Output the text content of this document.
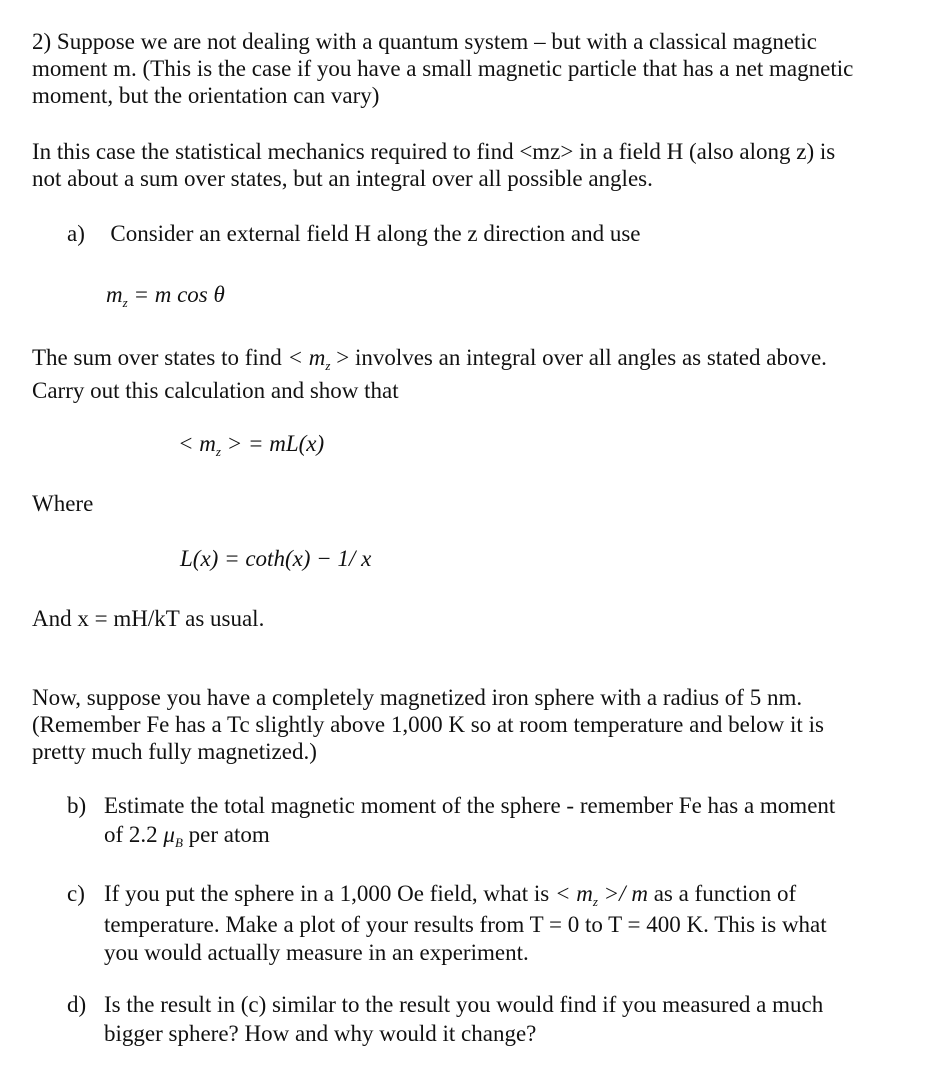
2) Suppose we are not dealing with a quantum system – but with a classical magnetic
moment m. (This is the case if you have a small magnetic particle that has a net magnetic
moment, but the orientation can vary)
In this case the statistical mechanics required to find <mz> in a field H (also along z) is
not about a sum over states, but an integral over all possible angles.
a) Consider an external field H along the z direction and use
$m_z = m$ cos θ
The sum over states to find < $m_z$ > involves an integral over all angles as stated above.
Carry out this calculation and show that
< $m_z$ > = mL(x)
Where
L(x) = coth(x) − 1/ x
And x = mH/kT as usual.
Now, suppose you have a completely magnetized iron sphere with a radius of 5 nm.
(Remember Fe has a Tc slightly above 1,000 K so at room temperature and below it is
pretty much fully magnetized.)
b) Estimate the total magnetic moment of the sphere - remember Fe has a moment
of 2.2 $\mu_B$ per atom
c) If you put the sphere in a 1,000 Oe field, what is < $m_z >/ m$ as a function of
temperature. Make a plot of your results from T = 0 to T = 400 K. This is what
you would actually measure in an experiment.
d) Is the result in (c) similar to the result you would find if you measured a much
bigger sphere? How and why would it change?
